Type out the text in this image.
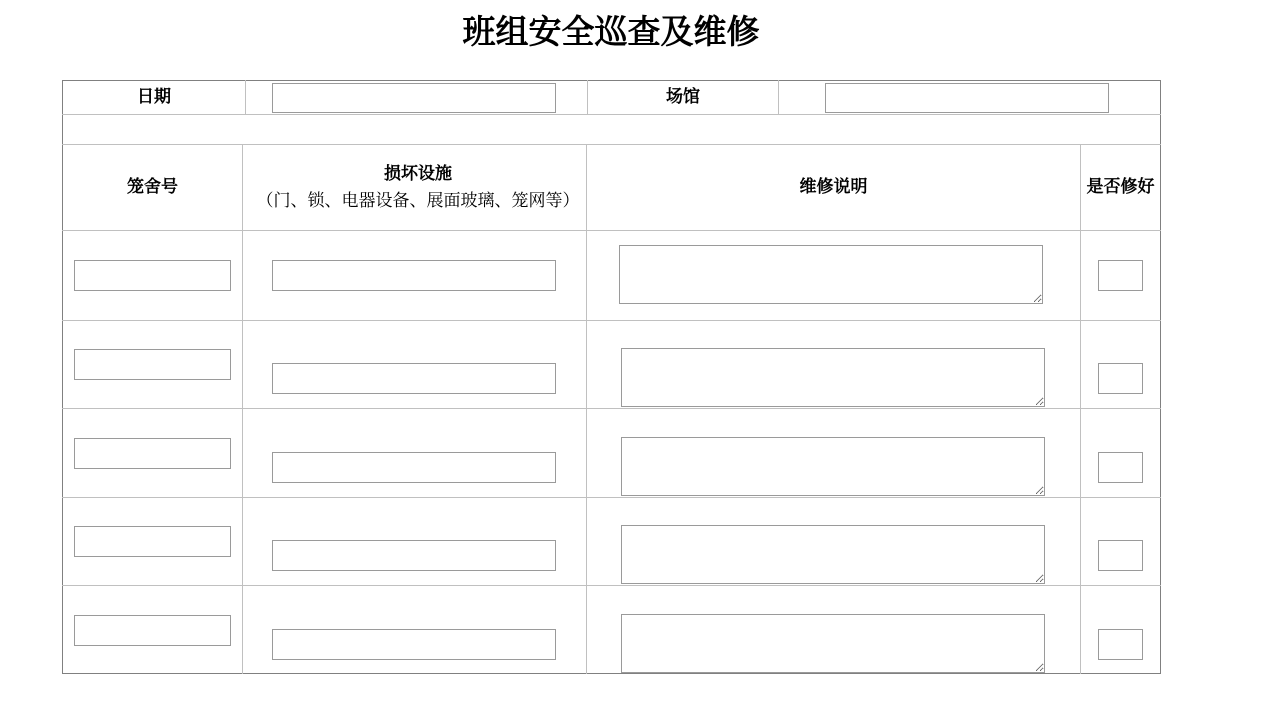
班组安全巡查及维修
日期	场馆
笼舍号
损坏设施
（门、锁、电器设备、展面玻璃、笼网等）
维修说明	是否修好
